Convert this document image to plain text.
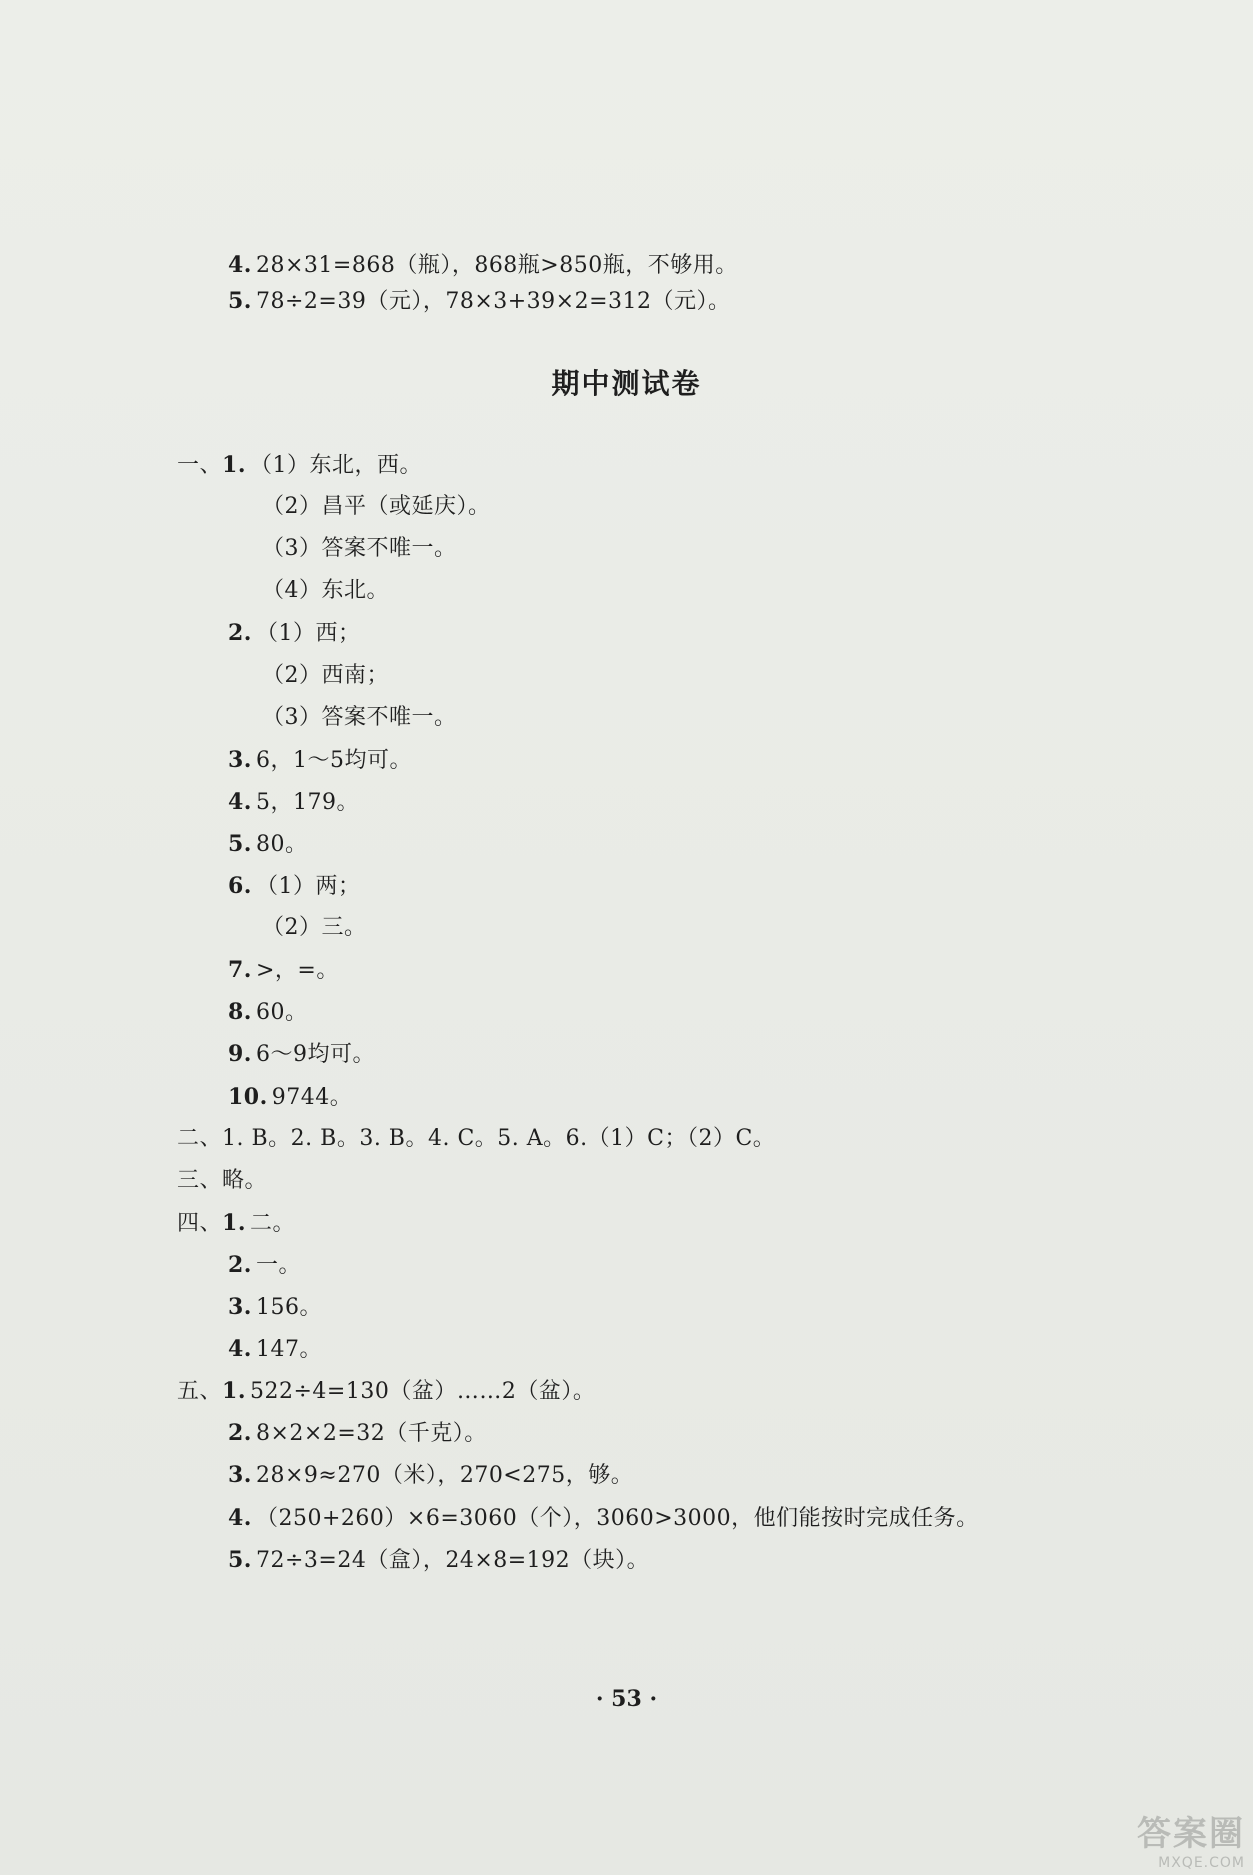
4. 28×31=868（瓶），868瓶>850瓶，不够用。
5. 78÷2=39（元），78×3+39×2=312（元）。
期中测试卷
一、1. （1）东北，西。
（2）昌平（或延庆）。
（3）答案不唯一。
（4）东北。
2. （1）西；
（2）西南；
（3）答案不唯一。
3. 6，1～5均可。
4. 5，179。
5. 80。
6. （1）两；
（2）三。
7. >，=。
8. 60。
9. 6～9均可。
10. 9744。
二、1. B。2. B。3. B。4. C。5. A。6.（1）C；（2）C。
三、略。
四、1. 二。
2. 一。
3. 156。
4. 147。
五、1. 522÷4=130（盆）……2（盆）。
2. 8×2×2=32（千克）。
3. 28×9≈270（米），270<275，够。
4. （250+260）×6=3060（个），3060>3000，他们能按时完成任务。
5. 72÷3=24（盒），24×8=192（块）。
· 53 ·
答案圈
MXQE.COM
